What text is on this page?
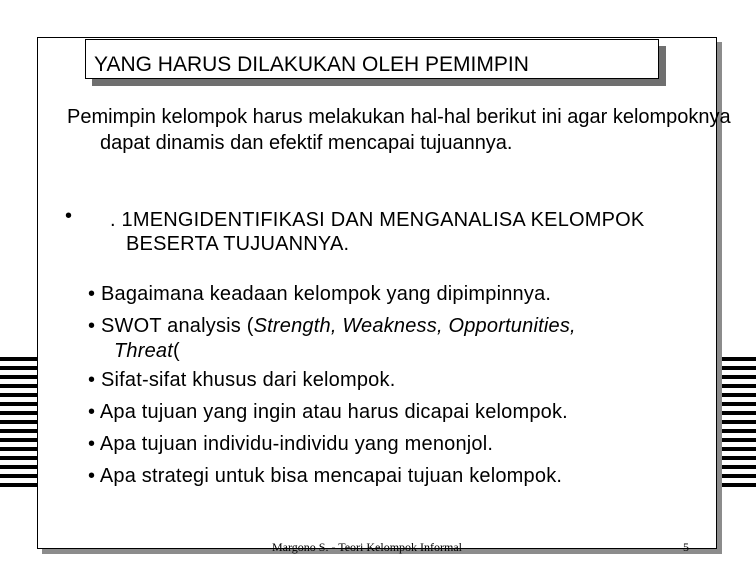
YANG HARUS DILAKUKAN OLEH PEMIMPIN
Pemimpin kelompok harus melakukan hal-hal berikut ini agar kelompoknya dapat dinamis dan efektif mencapai tujuannya.
• . 1MENGIDENTIFIKASI DAN MENGANALISA KELOMPOK BESERTA TUJUANNYA.
• Bagaimana keadaan kelompok yang dipimpinnya.
• SWOT analysis (Strength, Weakness, Opportunities,
Threat(
• Sifat-sifat khusus dari kelompok.
• Apa tujuan yang ingin atau harus dicapai kelompok.
• Apa tujuan individu-individu yang menonjol.
• Apa strategi untuk bisa mencapai tujuan kelompok.
Margono S. - Teori Kelompok Informal	5
